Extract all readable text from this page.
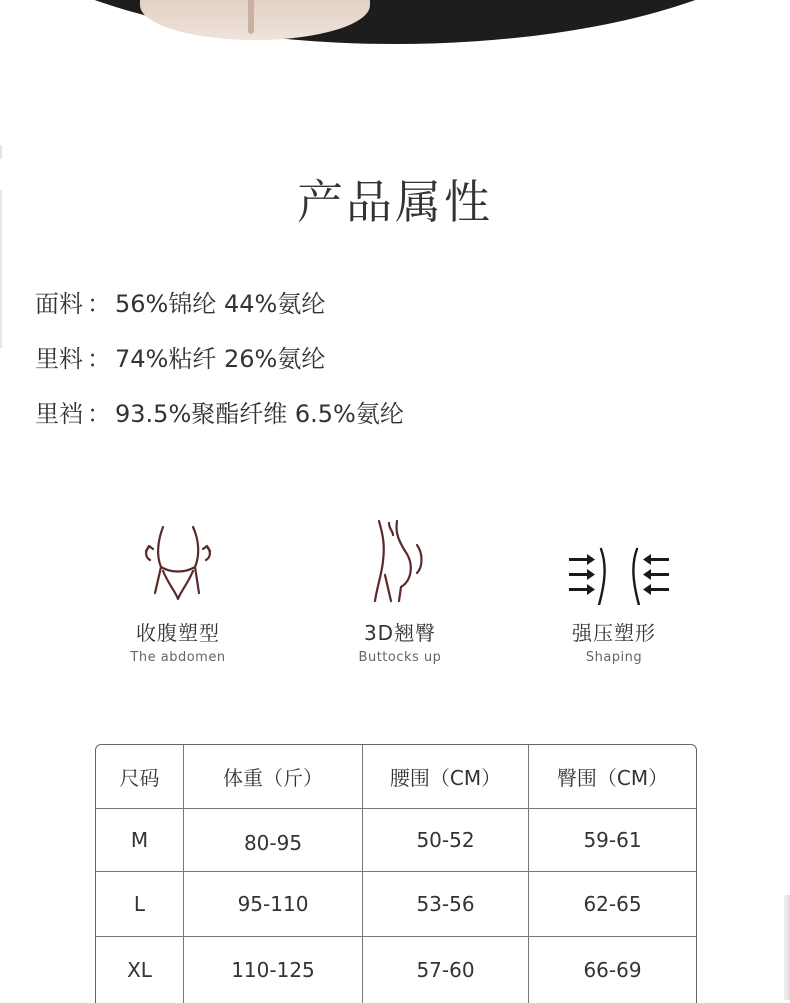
产品属性
面料 ： 56%锦纶 44%氨纶
里料 ： 74%粘纤 26%氨纶
里裆 ： 93.5%聚酯纤维 6.5%氨纶
收腹塑型
The abdomen
3D翘臀
Buttocks up
强压塑形
Shaping
尺码	体重（斤）	腰围（CM）	臀围（CM）
M	80-95	50-52	59-61
L	95-110	53-56	62-65
XL	110-125	57-60	66-69
